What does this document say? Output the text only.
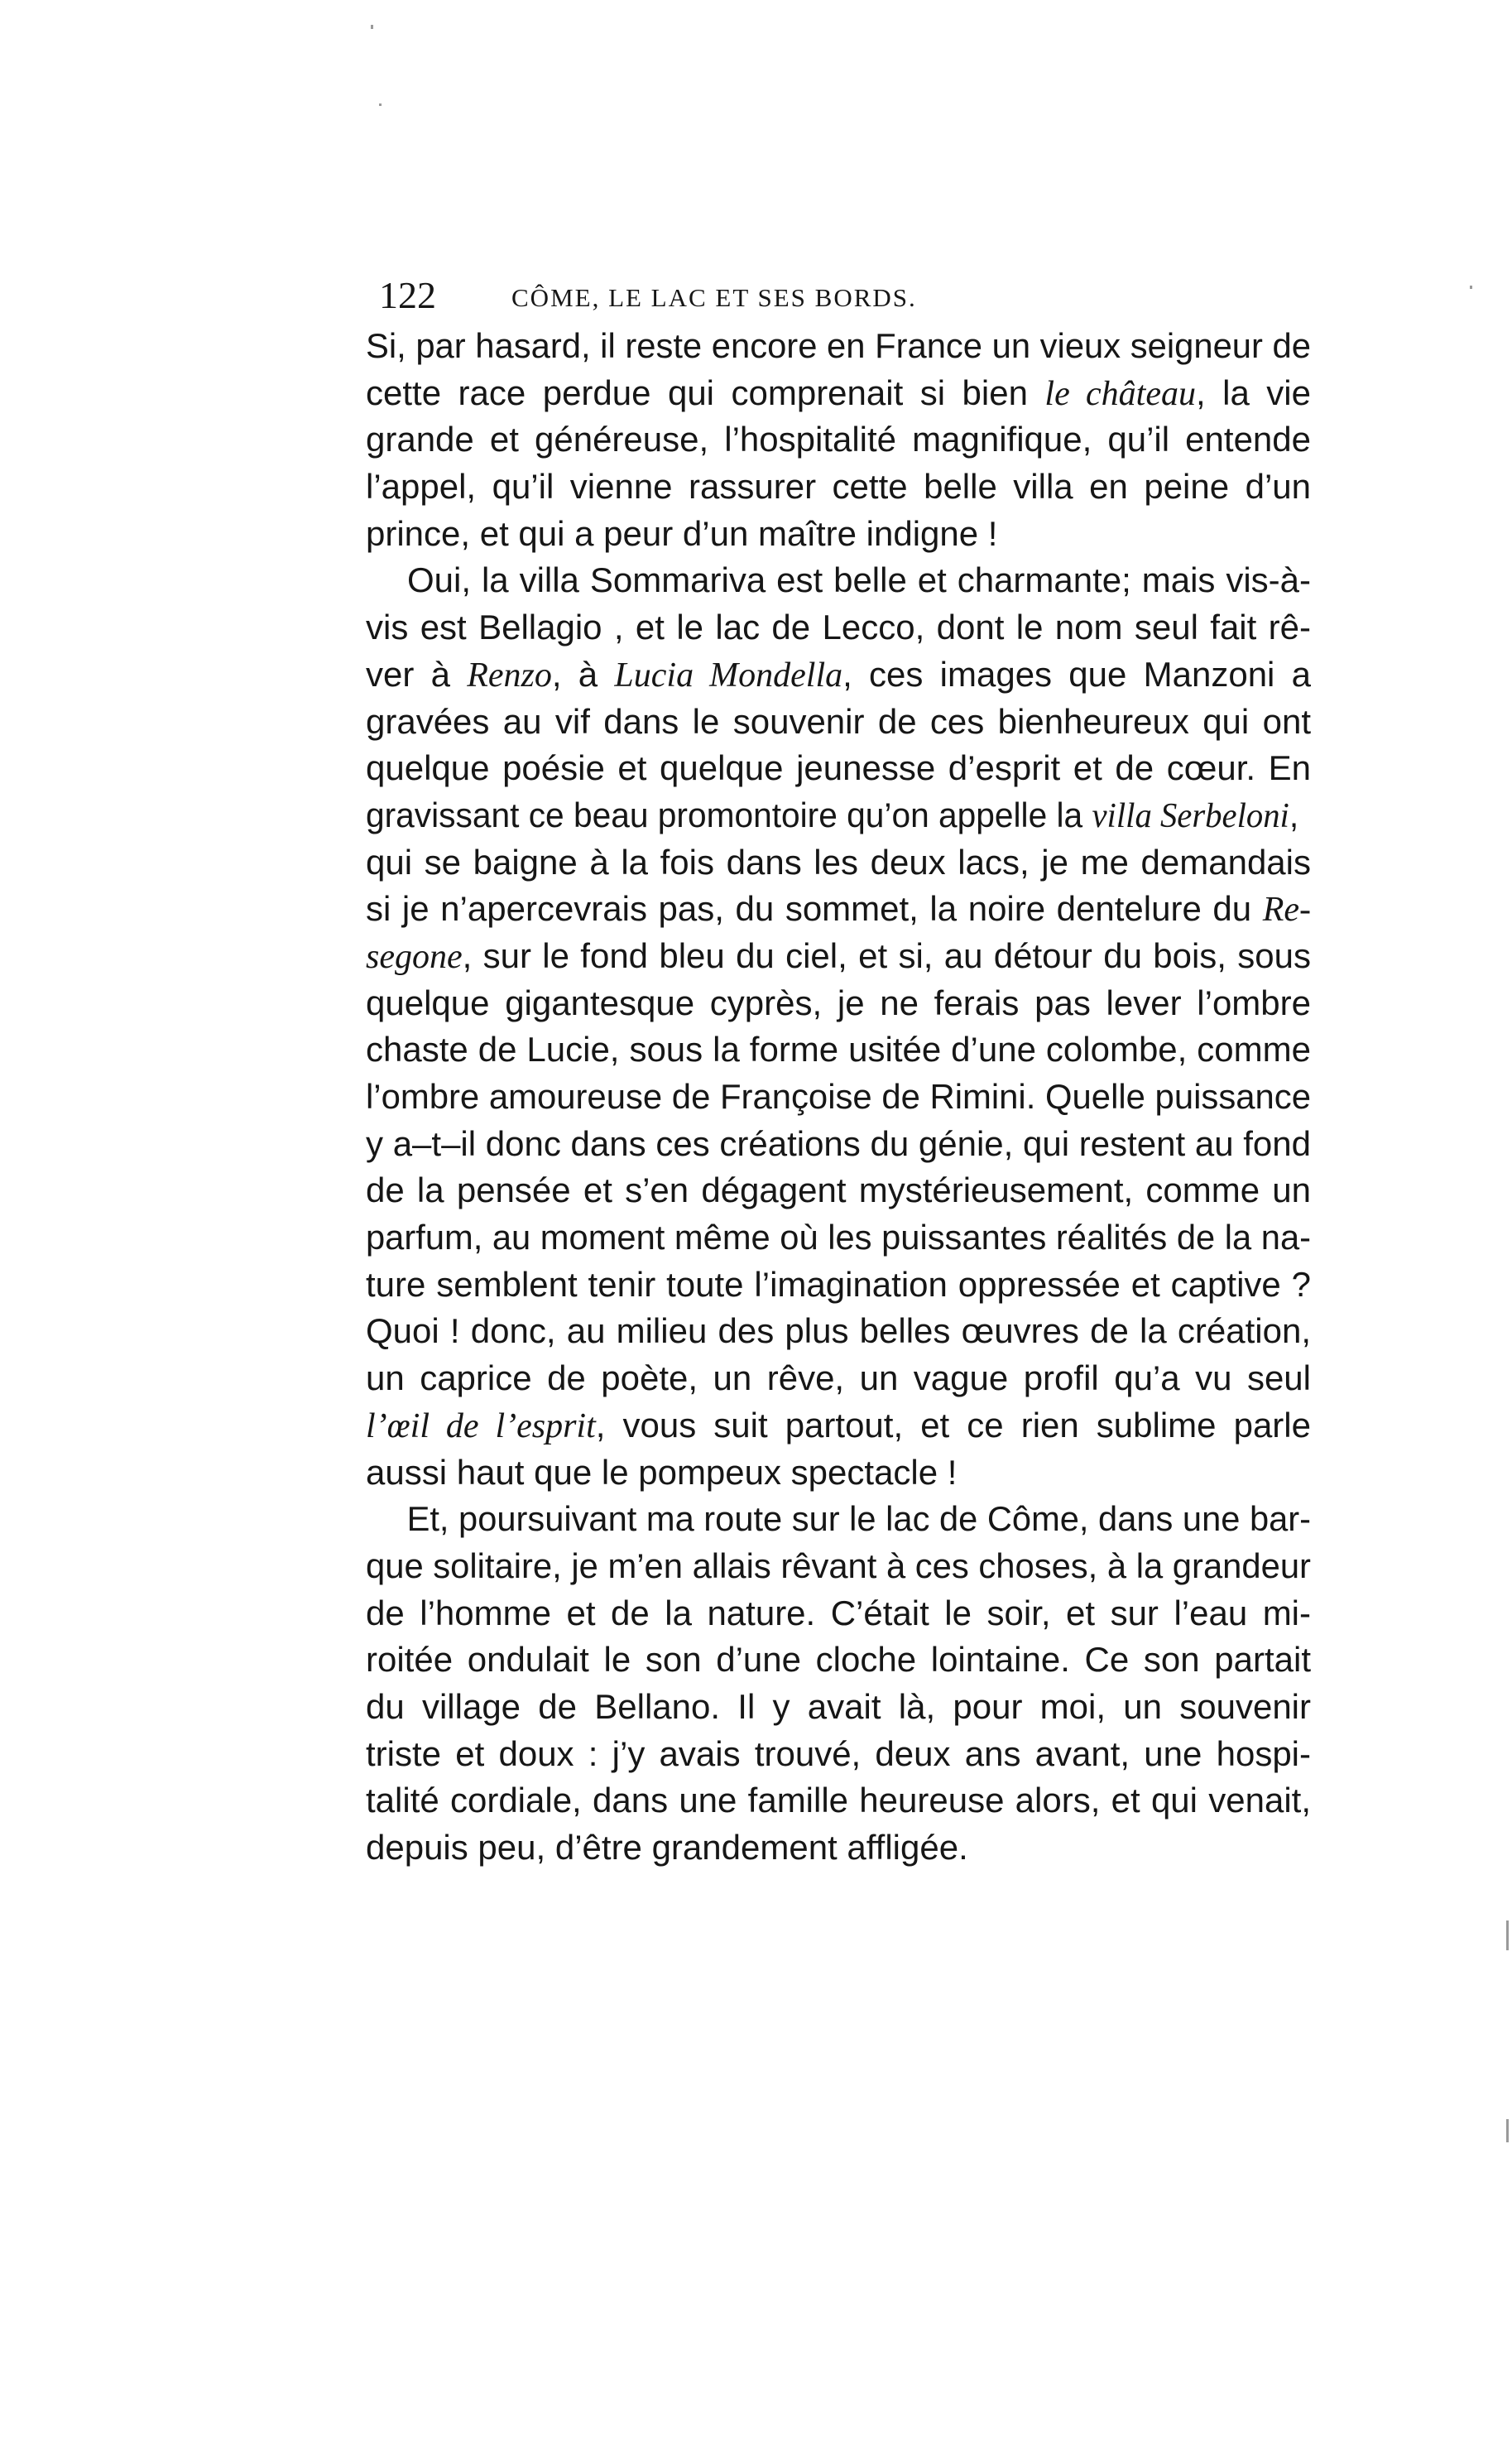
122	CÔME, LE LAC ET SES BORDS.
Si, par hasard, il reste encore en France un vieux seigneur de
cette race perdue qui comprenait si bien le château, la vie
grande et généreuse, l’hospitalité magnifique, qu’il entende
l’appel, qu’il vienne rassurer cette belle villa en peine d’un
prince, et qui a peur d’un maître indigne !
Oui, la villa Sommariva est belle et charmante; mais vis-à-
vis est Bellagio , et le lac de Lecco, dont le nom seul fait rê-
ver à Renzo, à Lucia Mondella, ces images que Manzoni a
gravées au vif dans le souvenir de ces bienheureux qui ont
quelque poésie et quelque jeunesse d’esprit et de cœur. En
gravissant ce beau promontoire qu’on appelle la villa Serbeloni,
qui se baigne à la fois dans les deux lacs, je me demandais
si je n’apercevrais pas, du sommet, la noire dentelure du Re-
segone, sur le fond bleu du ciel, et si, au détour du bois, sous
quelque gigantesque cyprès, je ne ferais pas lever l’ombre
chaste de Lucie, sous la forme usitée d’une colombe, comme
l’ombre amoureuse de Françoise de Rimini. Quelle puissance
y a–t–il donc dans ces créations du génie, qui restent au fond
de la pensée et s’en dégagent mystérieusement, comme un
parfum, au moment même où les puissantes réalités de la na-
ture semblent tenir toute l’imagination oppressée et captive ?
Quoi ! donc, au milieu des plus belles œuvres de la création,
un caprice de poète, un rêve, un vague profil qu’a vu seul
l’œil de l’esprit, vous suit partout, et ce rien sublime parle
aussi haut que le pompeux spectacle !
Et, poursuivant ma route sur le lac de Côme, dans une bar-
que solitaire, je m’en allais rêvant à ces choses, à la grandeur
de l’homme et de la nature. C’était le soir, et sur l’eau mi-
roitée ondulait le son d’une cloche lointaine. Ce son partait
du village de Bellano. Il y avait là, pour moi, un souvenir
triste et doux : j’y avais trouvé, deux ans avant, une hospi-
talité cordiale, dans une famille heureuse alors, et qui venait,
depuis peu, d’être grandement affligée.
